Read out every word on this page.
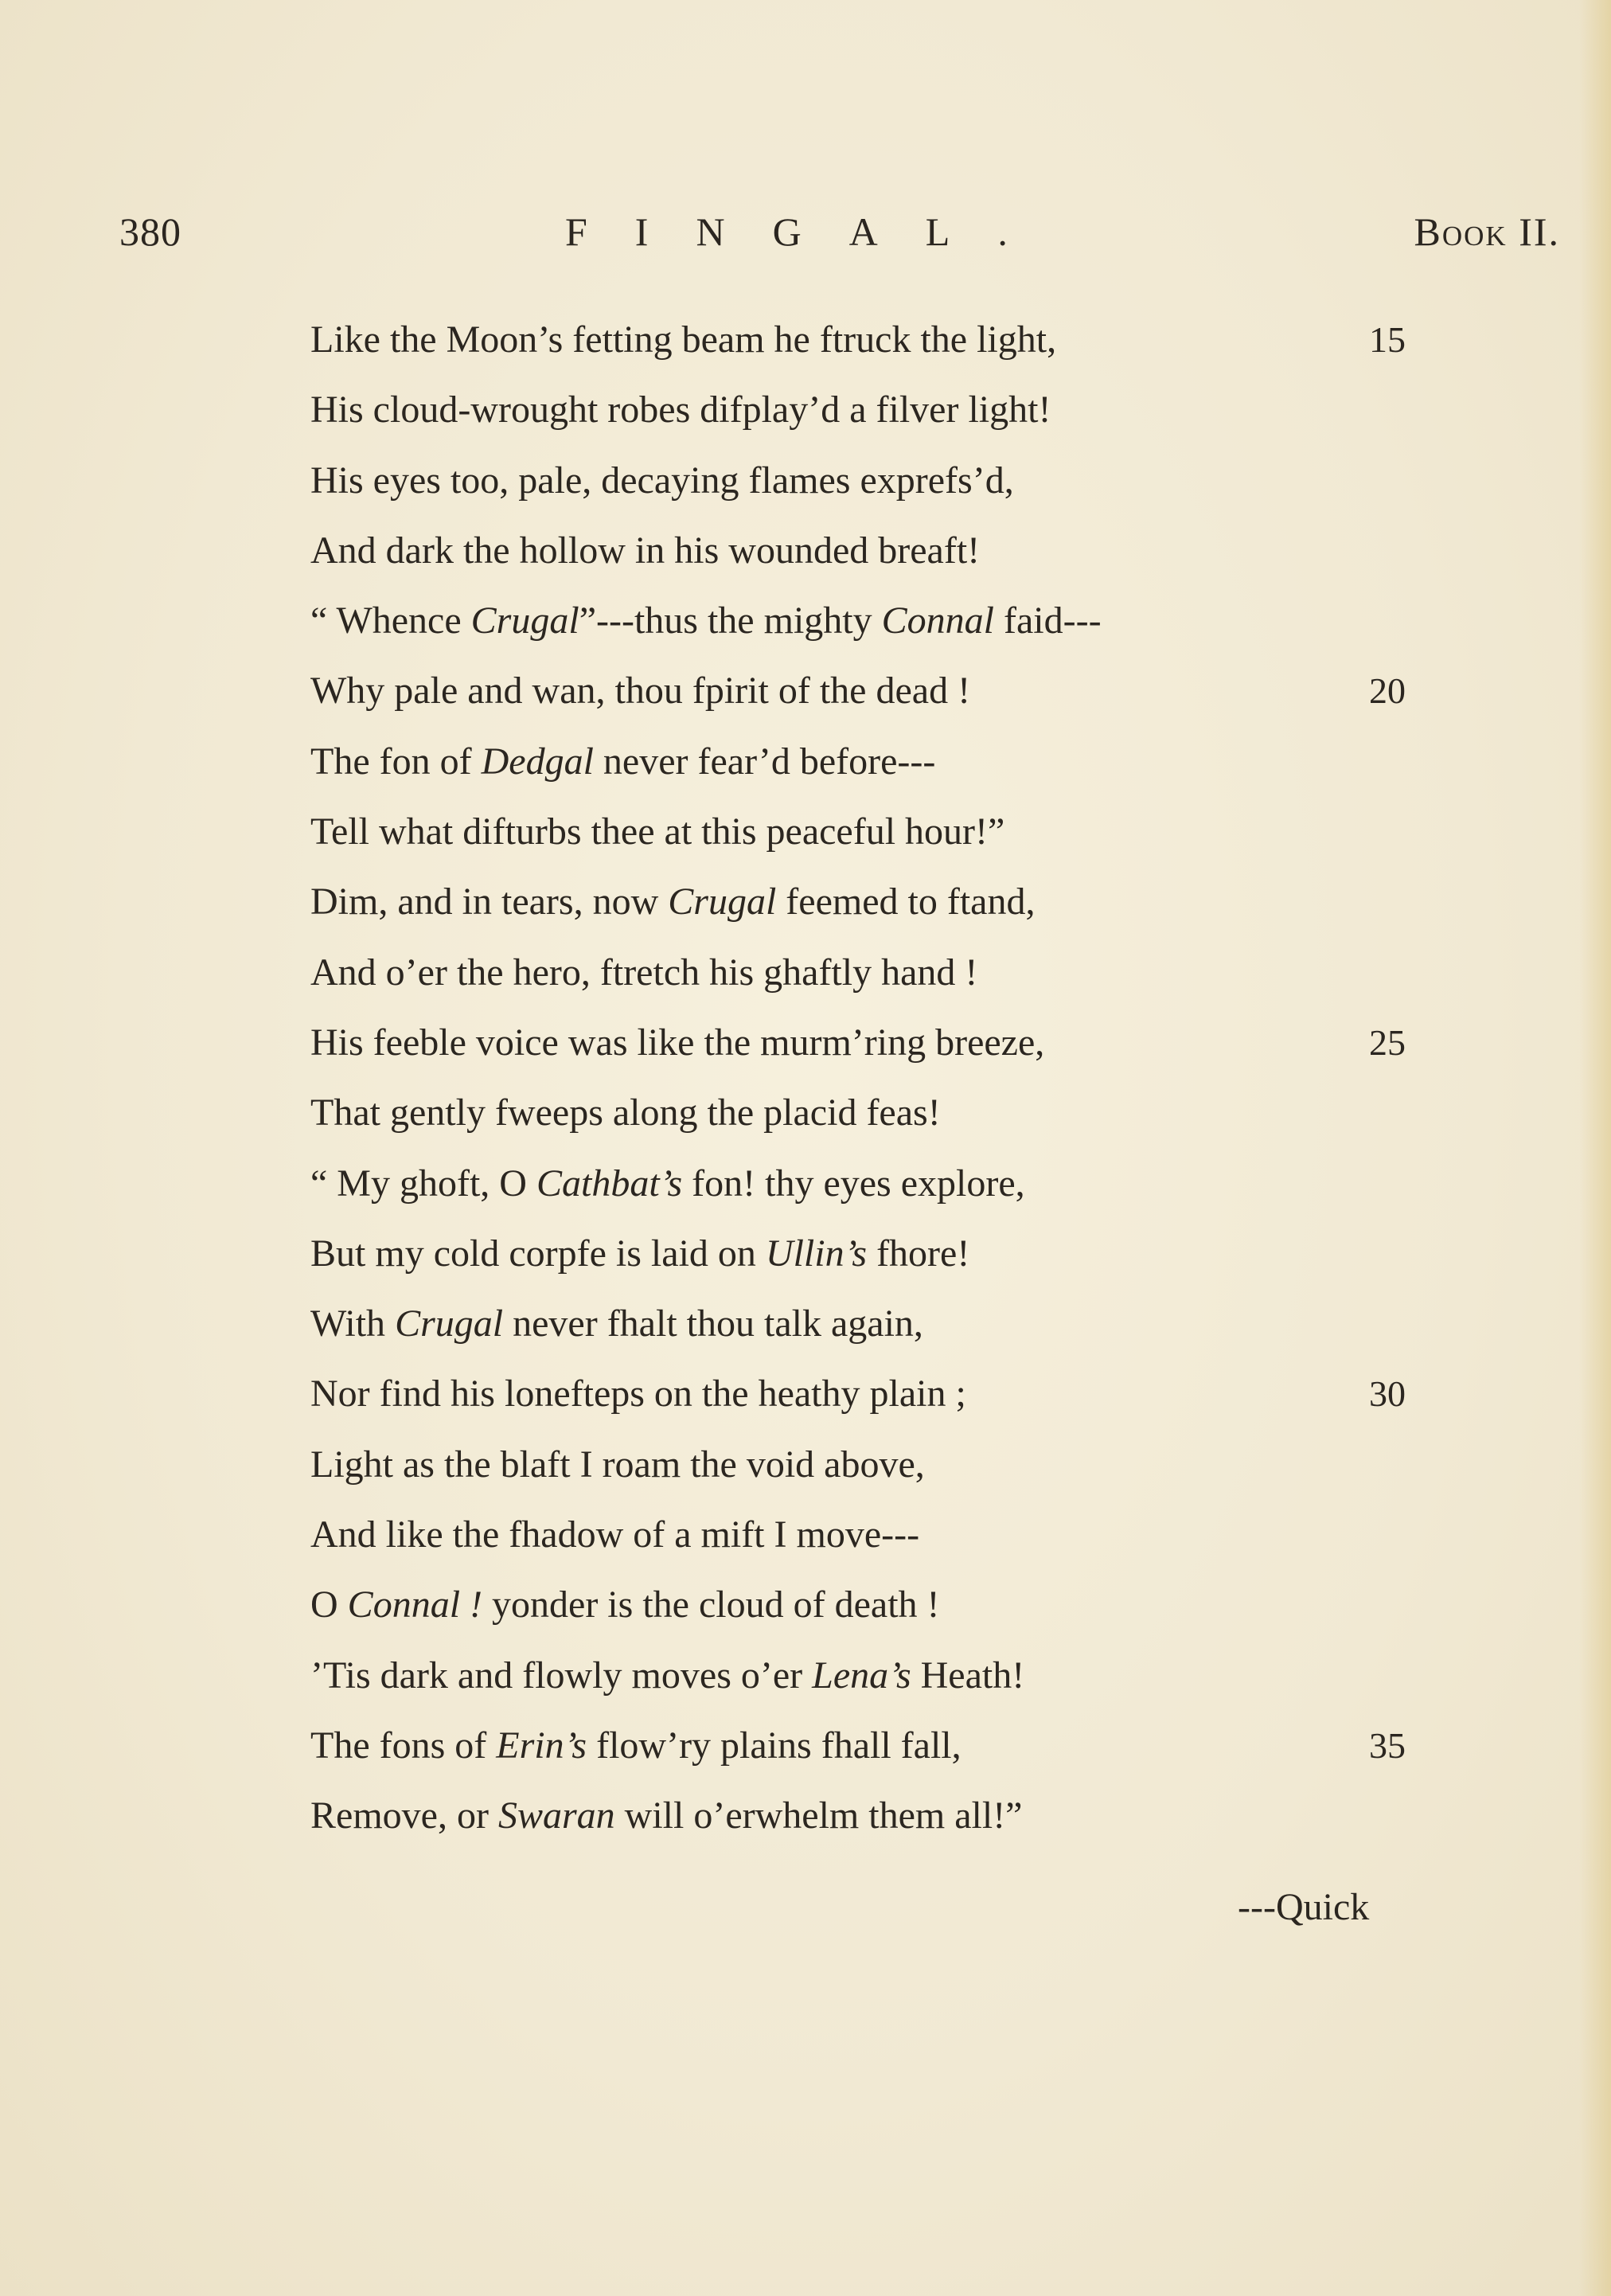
380	FINGAL.	Book II.
Like the Moon’s fetting beam he ftruck the light,	15
His cloud-wrought robes difplay’d a filver light!
His eyes too, pale, decaying flames exprefs’d,
And dark the hollow in his wounded breaft!
“ Whence Crugal”---thus the mighty Connal faid---
Why pale and wan, thou fpirit of the dead !	20
The fon of Dedgal never fear’d before---
Tell what difturbs thee at this peaceful hour!”
Dim, and in tears, now Crugal feemed to ftand,
And o’er the hero, ftretch his ghaftly hand !
His feeble voice was like the murm’ring breeze,	25
That gently fweeps along the placid feas!
“ My ghoft, O Cathbat’s fon! thy eyes explore,
But my cold corpfe is laid on Ullin’s fhore!
With Crugal never fhalt thou talk again,
Nor find his lonefteps on the heathy plain ;	30
Light as the blaft I roam the void above,
And like the fhadow of a mift I move---
O Connal ! yonder is the cloud of death !
’Tis dark and flowly moves o’er Lena’s Heath!
The fons of Erin’s flow’ry plains fhall fall,	35
Remove, or Swaran will o’erwhelm them all!”
---Quick
